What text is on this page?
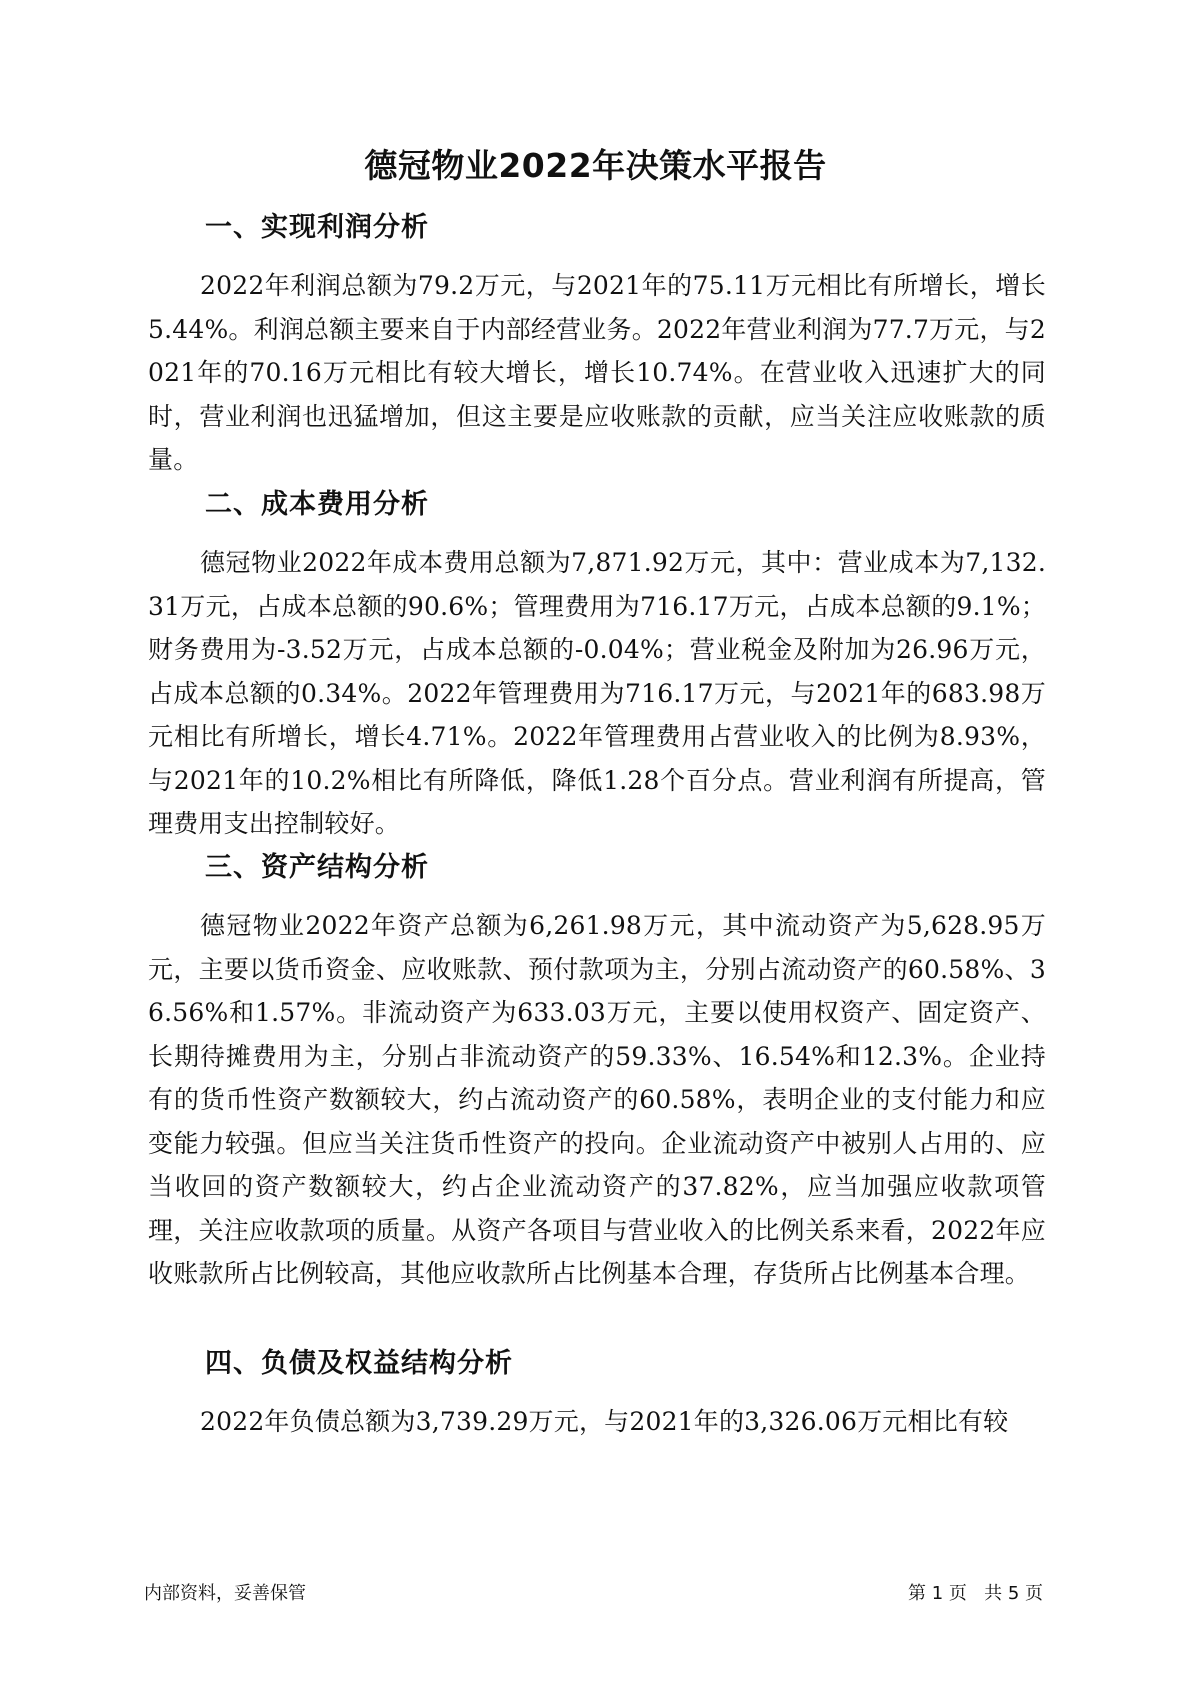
德冠物业2022年决策水平报告
一、实现利润分析
2022年利润总额为79.2万元，与2021年的75.11万元相比有所增长，增长5.44%。利润总额主要来自于内部经营业务。2022年营业利润为77.7万元，与2021年的70.16万元相比有较大增长，增长10.74%。在营业收入迅速扩大的同时，营业利润也迅猛增加，但这主要是应收账款的贡献，应当关注应收账款的质量。
二、成本费用分析
德冠物业2022年成本费用总额为7,871.92万元，其中：营业成本为7,132.31万元，占成本总额的90.6%；管理费用为716.17万元，占成本总额的9.1%；财务费用为-3.52万元，占成本总额的-0.04%；营业税金及附加为26.96万元，占成本总额的0.34%。2022年管理费用为716.17万元，与2021年的683.98万元相比有所增长，增长4.71%。2022年管理费用占营业收入的比例为8.93%，与2021年的10.2%相比有所降低，降低1.28个百分点。营业利润有所提高，管理费用支出控制较好。
三、资产结构分析
德冠物业2022年资产总额为6,261.98万元，其中流动资产为5,628.95万元，主要以货币资金、应收账款、预付款项为主，分别占流动资产的60.58%、36.56%和1.57%。非流动资产为633.03万元，主要以使用权资产、固定资产、长期待摊费用为主，分别占非流动资产的59.33%、16.54%和12.3%。企业持有的货币性资产数额较大，约占流动资产的60.58%，表明企业的支付能力和应变能力较强。但应当关注货币性资产的投向。企业流动资产中被别人占用的、应当收回的资产数额较大，约占企业流动资产的37.82%，应当加强应收款项管理，关注应收款项的质量。从资产各项目与营业收入的比例关系来看，2022年应收账款所占比例较高，其他应收款所占比例基本合理，存货所占比例基本合理。
四、负债及权益结构分析
2022年负债总额为3,739.29万元，与2021年的3,326.06万元相比有较
内部资料，妥善保管	第 1 页   共 5 页
